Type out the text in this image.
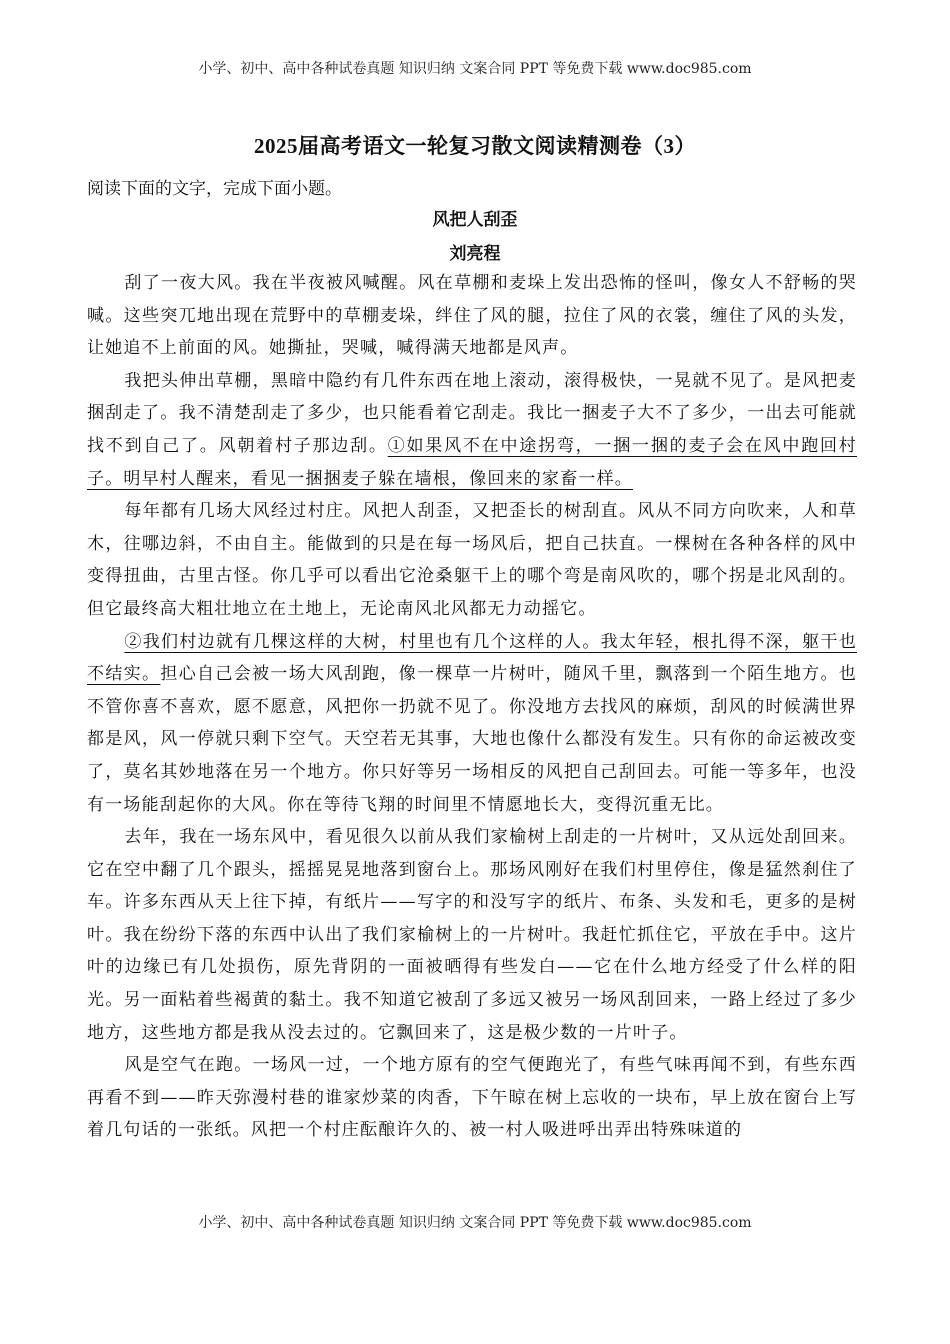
小学、初中、高中各种试卷真题 知识归纳 文案合同 PPT 等免费下载 www.doc985.com
2025届高考语文一轮复习散文阅读精测卷（3）
阅读下面的文字，完成下面小题。
风把人刮歪
刘亮程

刮了一夜大风。我在半夜被风喊醒。风在草棚和麦垛上发出恐怖的怪叫，像女人不舒畅的哭喊。这些突兀地出现在荒野中的草棚麦垛，绊住了风的腿，拉住了风的衣裳，缠住了风的头发，让她追不上前面的风。她撕扯，哭喊，喊得满天地都是风声。

我把头伸出草棚，黑暗中隐约有几件东西在地上滚动，滚得极快，一晃就不见了。是风把麦捆刮走了。我不清楚刮走了多少，也只能看着它刮走。我比一捆麦子大不了多少，一出去可能就找不到自己了。风朝着村子那边刮。①如果风不在中途拐弯，一捆一捆的麦子会在风中跑回村子。明早村人醒来，看见一捆捆麦子躲在墙根，像回来的家畜一样。

每年都有几场大风经过村庄。风把人刮歪，又把歪长的树刮直。风从不同方向吹来，人和草木，往哪边斜，不由自主。能做到的只是在每一场风后，把自己扶直。一棵树在各种各样的风中变得扭曲，古里古怪。你几乎可以看出它沧桑躯干上的哪个弯是南风吹的，哪个拐是北风刮的。但它最终高大粗壮地立在土地上，无论南风北风都无力动摇它。

②我们村边就有几棵这样的大树，村里也有几个这样的人。我太年轻，根扎得不深，躯干也不结实。担心自己会被一场大风刮跑，像一棵草一片树叶，随风千里，飘落到一个陌生地方。也不管你喜不喜欢，愿不愿意，风把你一扔就不见了。你没地方去找风的麻烦，刮风的时候满世界都是风，风一停就只剩下空气。天空若无其事，大地也像什么都没有发生。只有你的命运被改变了，莫名其妙地落在另一个地方。你只好等另一场相反的风把自己刮回去。可能一等多年，也没有一场能刮起你的大风。你在等待飞翔的时间里不情愿地长大，变得沉重无比。

去年，我在一场东风中，看见很久以前从我们家榆树上刮走的一片树叶，又从远处刮回来。它在空中翻了几个跟头，摇摇晃晃地落到窗台上。那场风刚好在我们村里停住，像是猛然刹住了车。许多东西从天上往下掉，有纸片——写字的和没写字的纸片、布条、头发和毛，更多的是树叶。我在纷纷下落的东西中认出了我们家榆树上的一片树叶。我赶忙抓住它，平放在手中。这片叶的边缘已有几处损伤，原先背阴的一面被晒得有些发白——它在什么地方经受了什么样的阳光。另一面粘着些褐黄的黏土。我不知道它被刮了多远又被另一场风刮回来，一路上经过了多少地方，这些地方都是我从没去过的。它飘回来了，这是极少数的一片叶子。

风是空气在跑。一场风一过，一个地方原有的空气便跑光了，有些气味再闻不到，有些东西再看不到——昨天弥漫村巷的谁家炒菜的肉香，下午晾在树上忘收的一块布，早上放在窗台上写着几句话的一张纸。风把一个村庄酝酿许久的、被一村人吸进呼出弄出特殊味道的

小学、初中、高中各种试卷真题 知识归纳 文案合同 PPT 等免费下载 www.doc985.com
